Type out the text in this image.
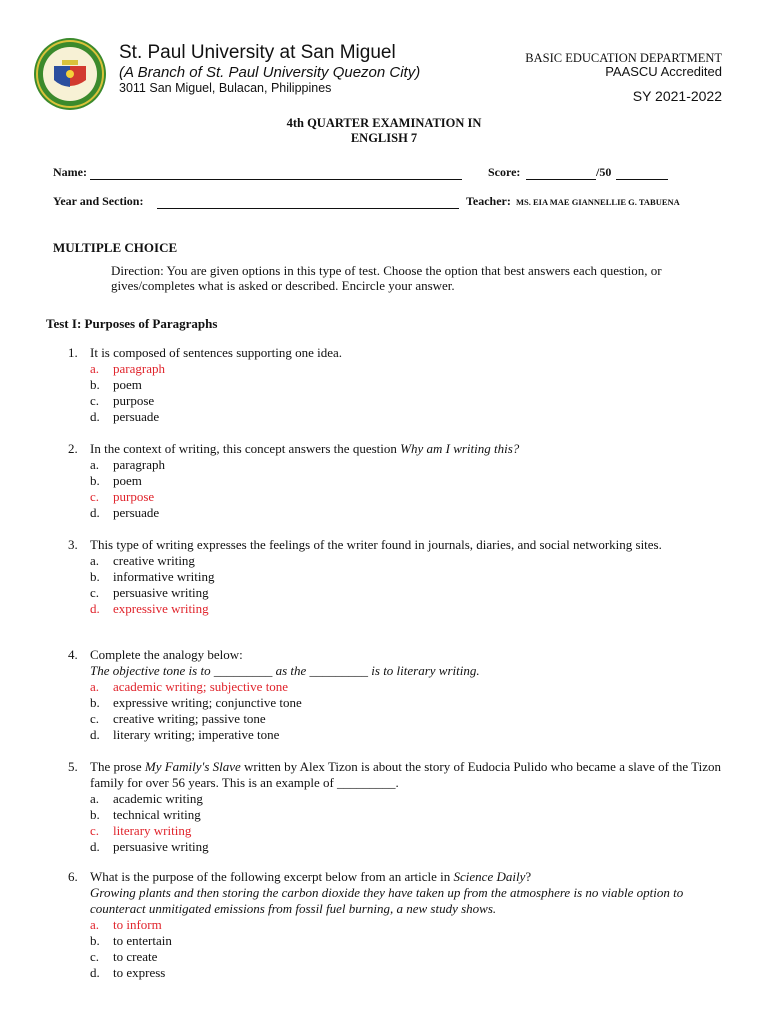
St. Paul University at San Miguel
(A Branch of St. Paul University Quezon City)
3011 San Miguel, Bulacan, Philippines
BASIC EDUCATION DEPARTMENT
PAASCU Accredited
SY 2021-2022
4th QUARTER EXAMINATION IN
ENGLISH 7
Name:	Score:	/50
Year and Section:	Teacher: MS. EIA MAE GIANNELLIE G. TABUENA
MULTIPLE CHOICE
Direction: You are given options in this type of test. Choose the option that best answers each question, or gives/completes what is asked or described. Encircle your answer.
Test I: Purposes of Paragraphs
1. It is composed of sentences supporting one idea.
a. paragraph
b. poem
c. purpose
d. persuade
2. In the context of writing, this concept answers the question Why am I writing this?
a. paragraph
b. poem
c. purpose
d. persuade
3. This type of writing expresses the feelings of the writer found in journals, diaries, and social networking sites.
a. creative writing
b. informative writing
c. persuasive writing
d. expressive writing
4. Complete the analogy below:
The objective tone is to _________ as the _________ is to literary writing.
a. academic writing; subjective tone
b. expressive writing; conjunctive tone
c. creative writing; passive tone
d. literary writing; imperative tone
5. The prose My Family's Slave written by Alex Tizon is about the story of Eudocia Pulido who became a slave of the Tizon family for over 56 years. This is an example of _________.
a. academic writing
b. technical writing
c. literary writing
d. persuasive writing
6. What is the purpose of the following excerpt below from an article in Science Daily?
Growing plants and then storing the carbon dioxide they have taken up from the atmosphere is no viable option to counteract unmitigated emissions from fossil fuel burning, a new study shows.
a. to inform
b. to entertain
c. to create
d. to express
